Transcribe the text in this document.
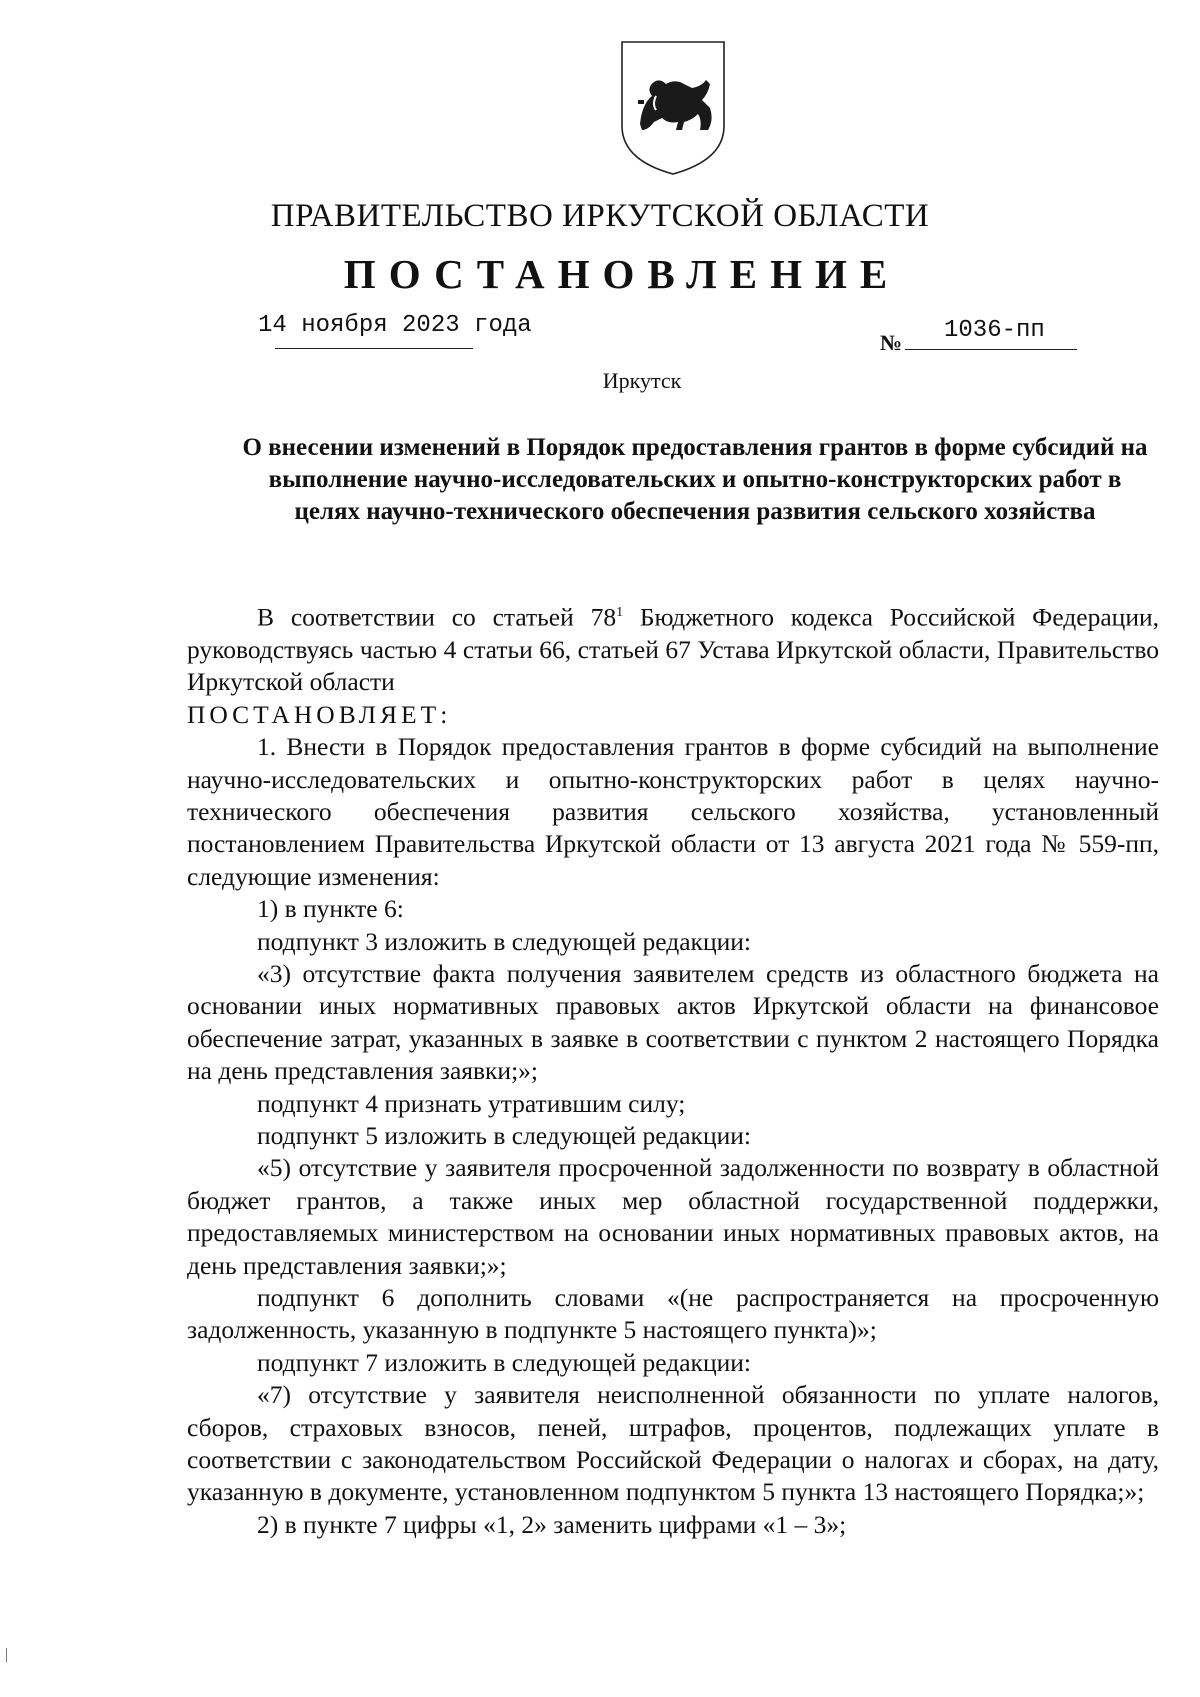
ПРАВИТЕЛЬСТВО ИРКУТСКОЙ ОБЛАСТИ
ПОСТАНОВЛЕНИЕ
14 ноября 2023 года
№ 1036-пп
Иркутск
О внесении изменений в Порядок предоставления грантов в форме субсидий на выполнение научно-исследовательских и опытно-конструкторских работ в целях научно-технического обеспечения развития сельского хозяйства

В соответствии со статьей $78^1$ Бюджетного кодекса Российской Федерации, руководствуясь частью 4 статьи 66, статьей 67 Устава Иркутской области, Правительство Иркутской области

ПОСТАНОВЛЯЕТ:

1. Внести в Порядок предоставления грантов в форме субсидий на выполнение научно-исследовательских и опытно-конструкторских работ в целях научно-технического обеспечения развития сельского хозяйства, установленный постановлением Правительства Иркутской области от 13 августа 2021 года № 559-пп, следующие изменения:

1) в пункте 6:

подпункт 3 изложить в следующей редакции:

«3) отсутствие факта получения заявителем средств из областного бюджета на основании иных нормативных правовых актов Иркутской области на финансовое обеспечение затрат, указанных в заявке в соответствии с пунктом 2 настоящего Порядка на день представления заявки;»;

подпункт 4 признать утратившим силу;

подпункт 5 изложить в следующей редакции:

«5) отсутствие у заявителя просроченной задолженности по возврату в областной бюджет грантов, а также иных мер областной государственной поддержки, предоставляемых министерством на основании иных нормативных правовых актов, на день представления заявки;»;

подпункт 6 дополнить словами «(не распространяется на просроченную задолженность, указанную в подпункте 5 настоящего пункта)»;

подпункт 7 изложить в следующей редакции:

«7) отсутствие у заявителя неисполненной обязанности по уплате налогов, сборов, страховых взносов, пеней, штрафов, процентов, подлежащих уплате в соответствии с законодательством Российской Федерации о налогах и сборах, на дату, указанную в документе, установленном подпунктом 5 пункта 13 настоящего Порядка;»;

2) в пункте 7 цифры «1, 2» заменить цифрами «1 – 3»;
